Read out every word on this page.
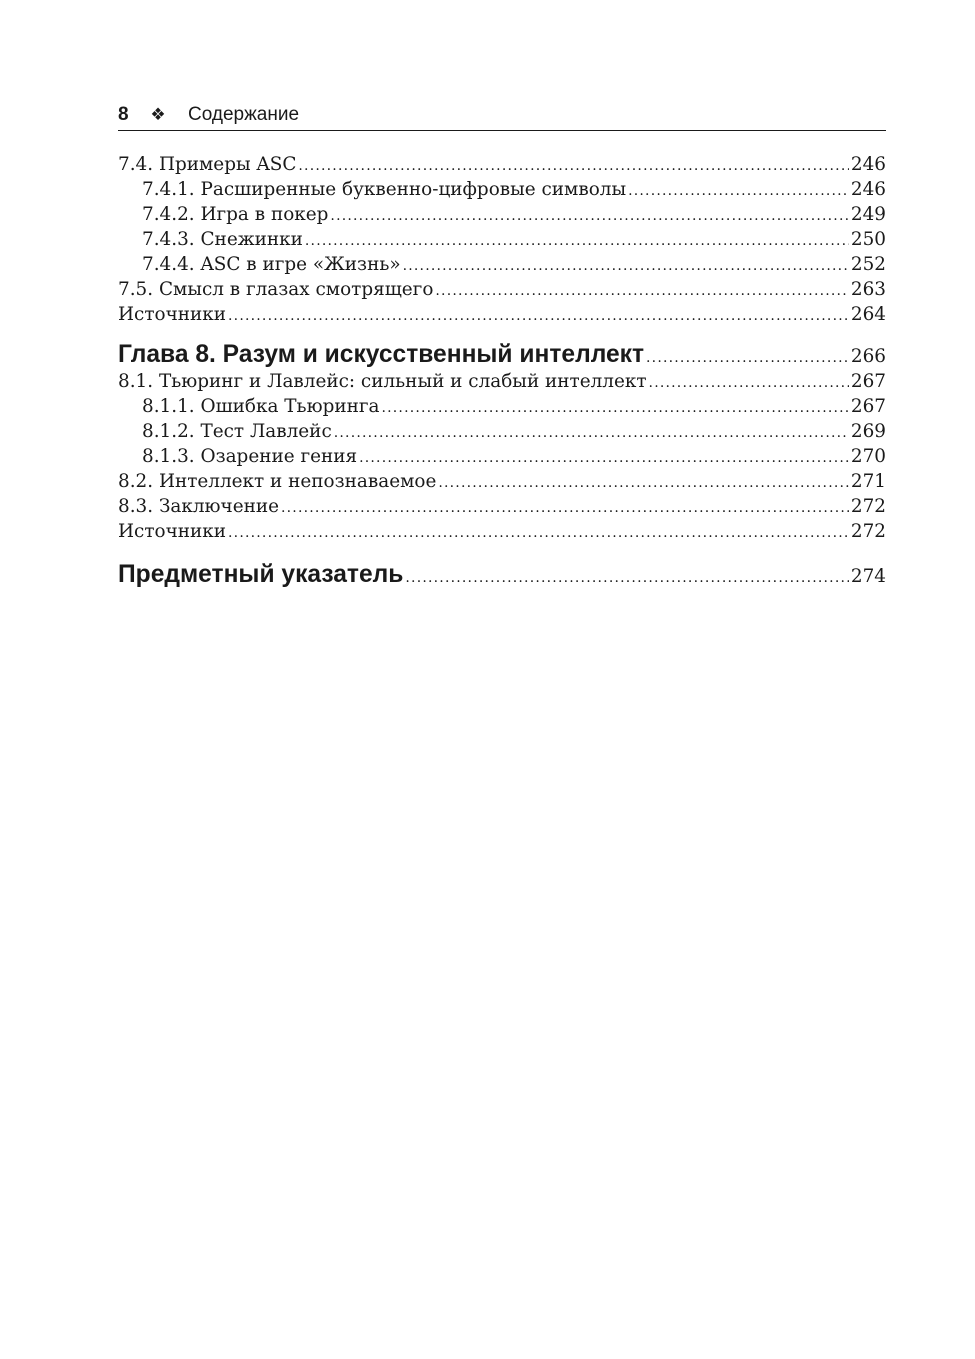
8	❖	Содержание
7.4. Примеры ASC .....	246
7.4.1. Расширенные буквенно-цифровые символы .....	246
7.4.2. Игра в покер .....	249
7.4.3. Снежинки .....	250
7.4.4. ASC в игре «Жизнь» .....	252
7.5. Смысл в глазах смотрящего .....	263
Источники .....	264
Глава 8. Разум и искусственный интеллект .....	266
8.1. Тьюринг и Лавлейс: сильный и слабый интеллект .....	267
8.1.1. Ошибка Тьюринга .....	267
8.1.2. Тест Лавлейс .....	269
8.1.3. Озарение гения .....	270
8.2. Интеллект и непознаваемое .....	271
8.3. Заключение .....	272
Источники .....	272
Предметный указатель .....	274
